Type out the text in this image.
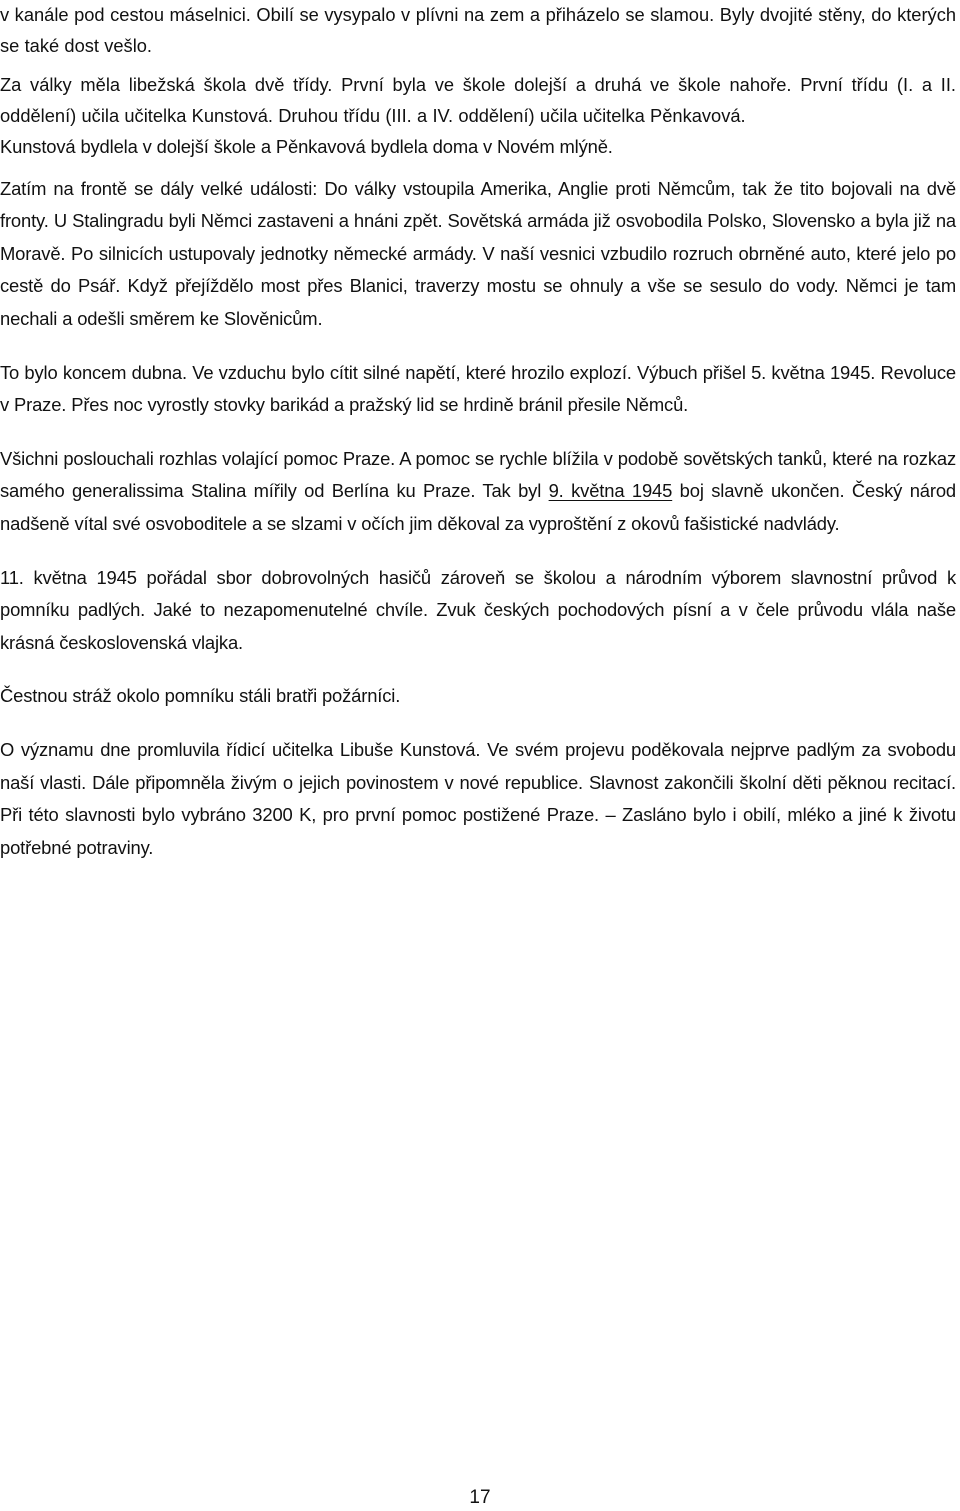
v kanále pod cestou máselnici. Obilí se vysypalo v plívni na zem a přiházelo se slamou. Byly dvojité stěny, do kterých se také dost vešlo.

Za války měla libežská škola dvě třídy. První byla ve škole dolejší a druhá ve škole nahoře. První třídu (I. a II. oddělení) učila učitelka Kunstová. Druhou třídu (III. a IV. oddělení) učila učitelka Pěnkavová.

Kunstová bydlela v dolejší škole a Pěnkavová bydlela doma v Novém mlýně.

Zatím na frontě se dály velké události: Do války vstoupila Amerika, Anglie proti Němcům, tak že tito bojovali na dvě fronty. U Stalingradu byli Němci zastaveni a hnáni zpět. Sovětská armáda již osvobodila Polsko, Slovensko a byla již na Moravě. Po silnicích ustupovaly jednotky německé armády. V naší vesnici vzbudilo rozruch obrněné auto, které jelo po cestě do Psář. Když přejíždělo most přes Blanici, traverzy mostu se ohnuly a vše se sesulo do vody. Němci je tam nechali a odešli směrem ke Slověnicům.

To bylo koncem dubna. Ve vzduchu bylo cítit silné napětí, které hrozilo explozí. Výbuch přišel 5. května 1945. Revoluce v Praze. Přes noc vyrostly stovky barikád a pražský lid se hrdině bránil přesile Němců.

Všichni poslouchali rozhlas volající pomoc Praze. A pomoc se rychle blížila v podobě sovětských tanků, které na rozkaz samého generalissima Stalina mířily od Berlína ku Praze. Tak byl 9. května 1945 boj slavně ukončen. Český národ nadšeně vítal své osvoboditele a se slzami v očích jim děkoval za vyproštění z okovů fašistické nadvlády.

11. května 1945 pořádal sbor dobrovolných hasičů zároveň se školou a národním výborem slavnostní průvod k pomníku padlých. Jaké to nezapomenutelné chvíle. Zvuk českých pochodových písní a v čele průvodu vlála naše krásná československá vlajka.

Čestnou stráž okolo pomníku stáli bratři požárníci.

O významu dne promluvila řídicí učitelka Libuše Kunstová. Ve svém projevu poděkovala nejprve padlým za svobodu naší vlasti. Dále připomněla živým o jejich povinostem v nové republice. Slavnost zakončili školní děti pěknou recitací. Při této slavnosti bylo vybráno 3200 K, pro první pomoc postižené Praze. – Zasláno bylo i obilí, mléko a jiné k životu potřebné potraviny.

17
